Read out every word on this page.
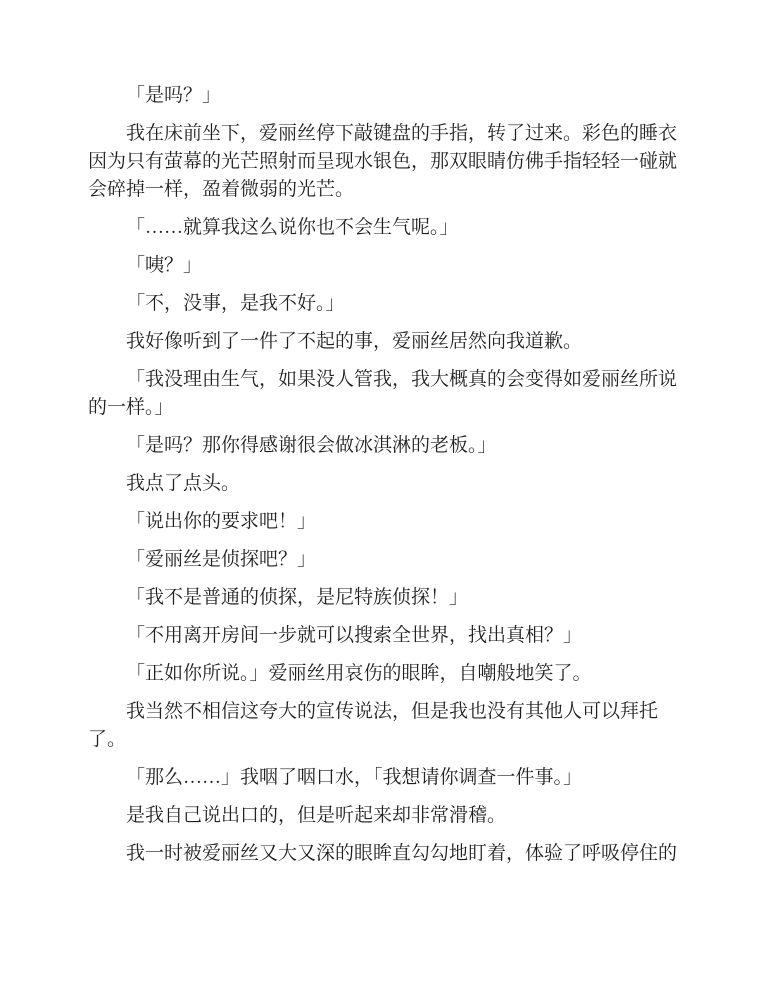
「是吗？」

我在床前坐下，爱丽丝停下敲键盘的手指，转了过来。彩色的睡衣因为只有萤幕的光芒照射而呈现水银色，那双眼睛仿佛手指轻轻一碰就会碎掉一样，盈着微弱的光芒。

「……就算我这么说你也不会生气呢。」

「咦？」

「不，没事，是我不好。」

我好像听到了一件了不起的事，爱丽丝居然向我道歉。

「我没理由生气，如果没人管我，我大概真的会变得如爱丽丝所说的一样。」

「是吗？那你得感谢很会做冰淇淋的老板。」

我点了点头。

「说出你的要求吧！」

「爱丽丝是侦探吧？」

「我不是普通的侦探，是尼特族侦探！」

「不用离开房间一步就可以搜索全世界，找出真相？」

「正如你所说。」爱丽丝用哀伤的眼眸，自嘲般地笑了。

我当然不相信这夸大的宣传说法，但是我也没有其他人可以拜托了。

「那么……」我咽了咽口水，「我想请你调查一件事。」

是我自己说出口的，但是听起来却非常滑稽。

我一时被爱丽丝又大又深的眼眸直勾勾地盯着，体验了呼吸停住的
